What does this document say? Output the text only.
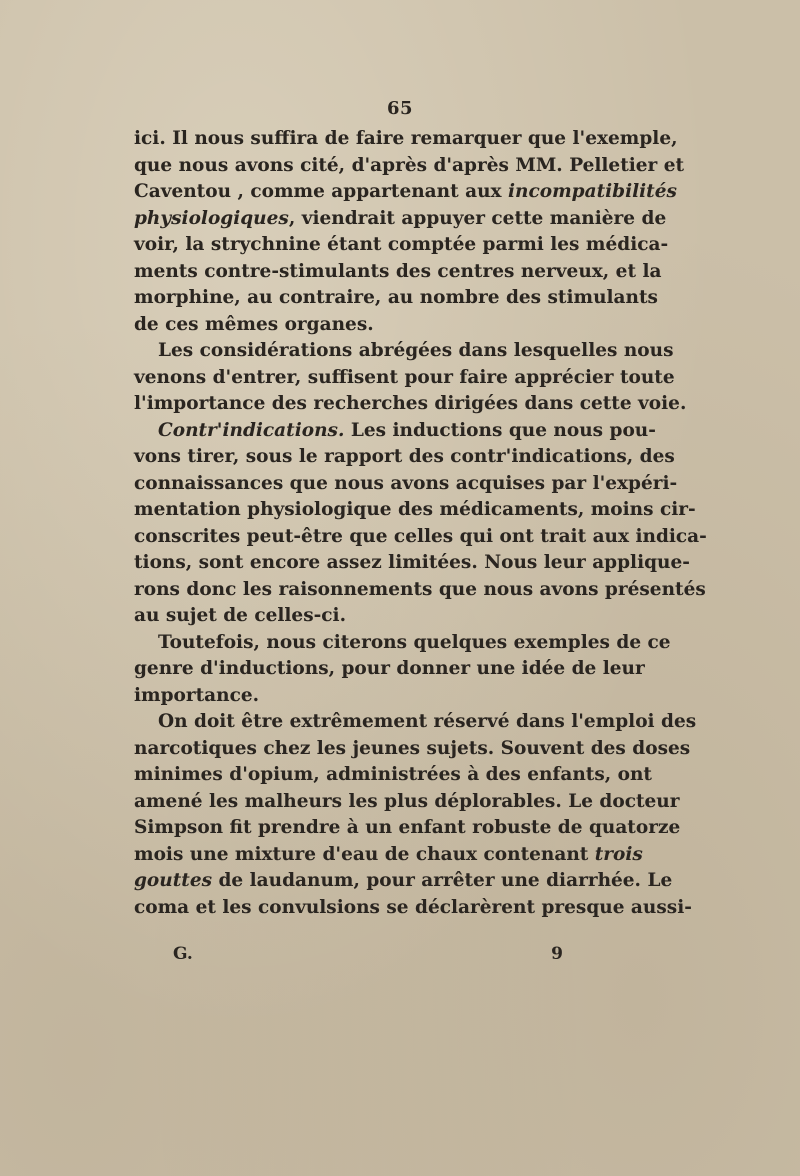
65
ici. Il nous suffira de faire remarquer que l'exemple,
que nous avons cité, d'après d'après MM. Pelletier et
Caventou , comme appartenant aux incompatibilités
physiologiques, viendrait appuyer cette manière de
voir, la strychnine étant comptée parmi les médica-
ments contre-stimulants des centres nerveux, et la
morphine, au contraire, au nombre des stimulants
de ces mêmes organes.
Les considérations abrégées dans lesquelles nous
venons d'entrer, suffisent pour faire apprécier toute
l'importance des recherches dirigées dans cette voie.
Contr'indications. Les inductions que nous pou-
vons tirer, sous le rapport des contr'indications, des
connaissances que nous avons acquises par l'expéri-
mentation physiologique des médicaments, moins cir-
conscrites peut-être que celles qui ont trait aux indica-
tions, sont encore assez limitées. Nous leur applique-
rons donc les raisonnements que nous avons présentés
au sujet de celles-ci.
Toutefois, nous citerons quelques exemples de ce
genre d'inductions, pour donner une idée de leur
importance.
On doit être extrêmement réservé dans l'emploi des
narcotiques chez les jeunes sujets. Souvent des doses
minimes d'opium, administrées à des enfants, ont
amené les malheurs les plus déplorables. Le docteur
Simpson fit prendre à un enfant robuste de quatorze
mois une mixture d'eau de chaux contenant trois
gouttes de laudanum, pour arrêter une diarrhée. Le
coma et les convulsions se déclarèrent presque aussi-
G.	9
